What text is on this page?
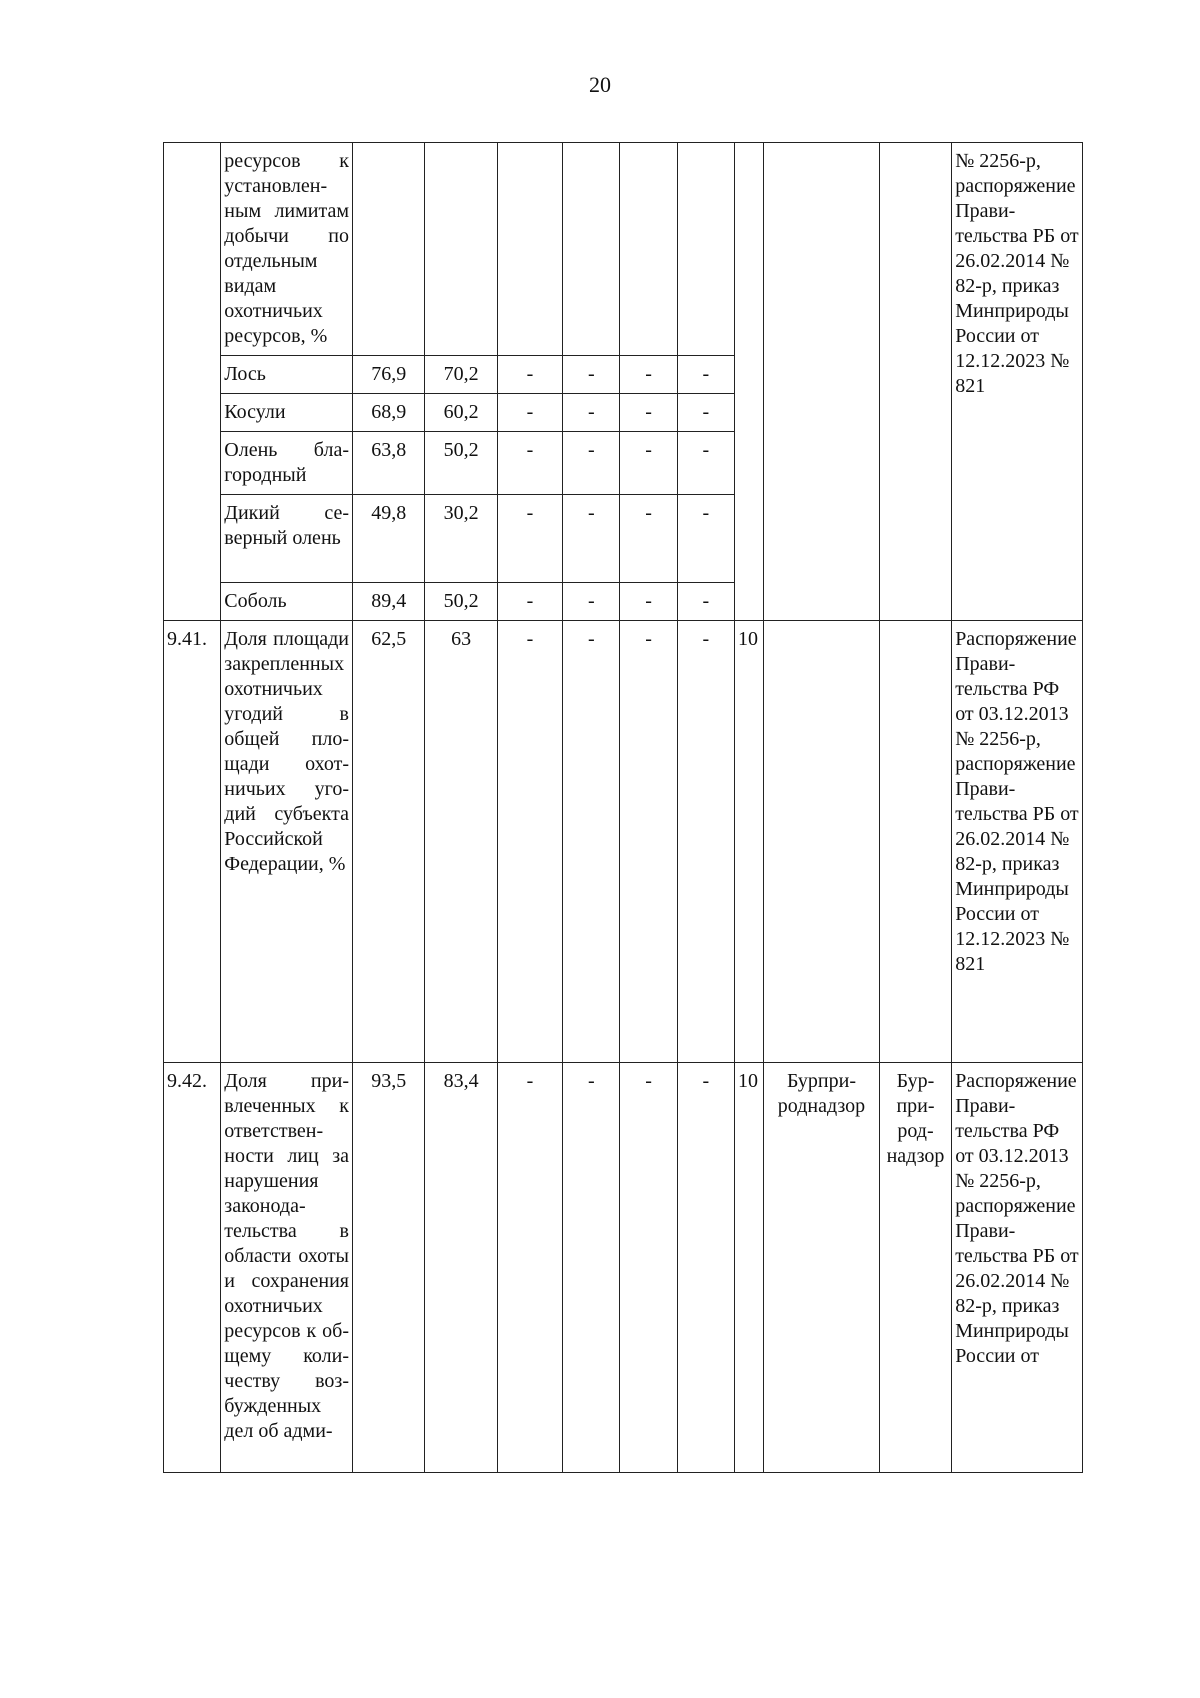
20
	ресурсов к установленным лимитам добычи по отдельным видам охотничьих ресурсов, %										№ 2256-р, распоряжение Правительства РБ от 26.02.2014 № 82-р, приказ Минприроды России от 12.12.2023 № 821
	Лось	76,9	70,2	-	-	-	-				
	Косули	68,9	60,2	-	-	-	-				
	Олень благородный	63,8	50,2	-	-	-	-				
	Дикий северный олень	49,8	30,2	-	-	-	-				
	Соболь	89,4	50,2	-	-	-	-				
9.41.	Доля площади закрепленных охотничьих угодий в общей площади охотничьих угодий субъекта Российской Федерации, %	62,5	63	-	-	-	-	10			Распоряжение Правительства РФ от 03.12.2013 № 2256-р, распоряжение Правительства РБ от 26.02.2014 № 82-р, приказ Минприроды России от 12.12.2023 № 821
9.42.	Доля привлеченных к ответственности лиц за нарушения законодательства в области охоты и сохранения охотничьих ресурсов к общему количеству возбужденных дел об адми-	93,5	83,4	-	-	-	-	10	Бурприроднадзор	Бурприроднадзор	Распоряжение Правительства РФ от 03.12.2013 № 2256-р, распоряжение Правительства РБ от 26.02.2014 № 82-р, приказ Минприроды России от
